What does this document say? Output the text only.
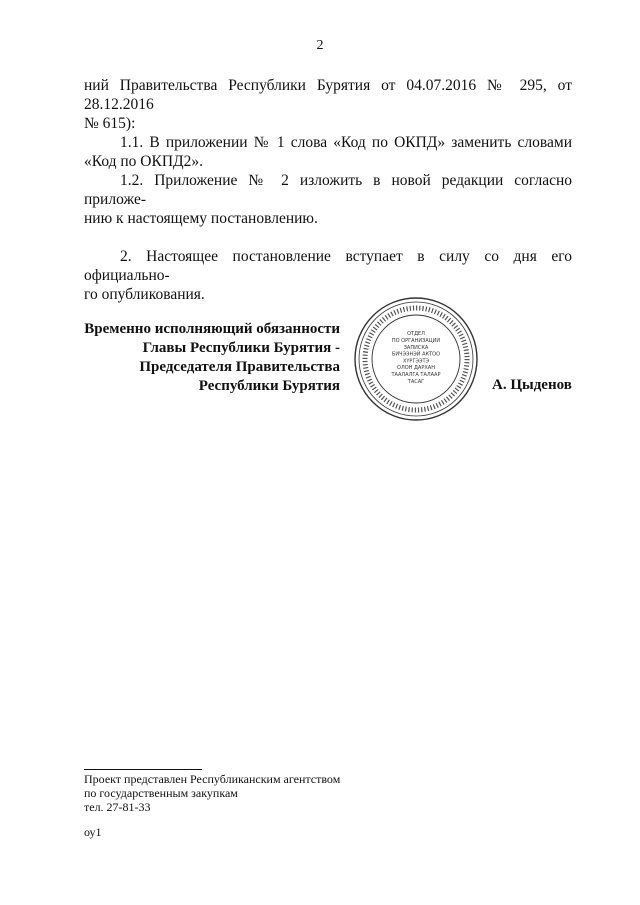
2

ний Правительства Республики Бурятия от 04.07.2016 № 295, от 28.12.2016
№ 615):

1.1. В приложении № 1 слова «Код по ОКПД» заменить словами
«Код по ОКПД2».

1.2. Приложение № 2 изложить в новой редакции согласно приложе-
нию к настоящему постановлению.

2. Настоящее постановление вступает в силу со дня его официально-
го опубликования.

Временно исполняющий обязанности
Главы Республики Бурятия -
Председателя Правительства
Республики Бурятия
ОТДЕЛ
ПО ОРГАНИЗАЦИИ
ЗАПИСКА
БИЧЭЭНЭЙ АКТОО
ХҮРГЭЭТЭ
ОЛОН ДАРХАН
ТААЛАЛГА ТАЛААР
ТАСАГ	А. Цыденов
Проект представлен Республиканским агентством
по государственным закупкам
тел. 27-81-33
оу1
